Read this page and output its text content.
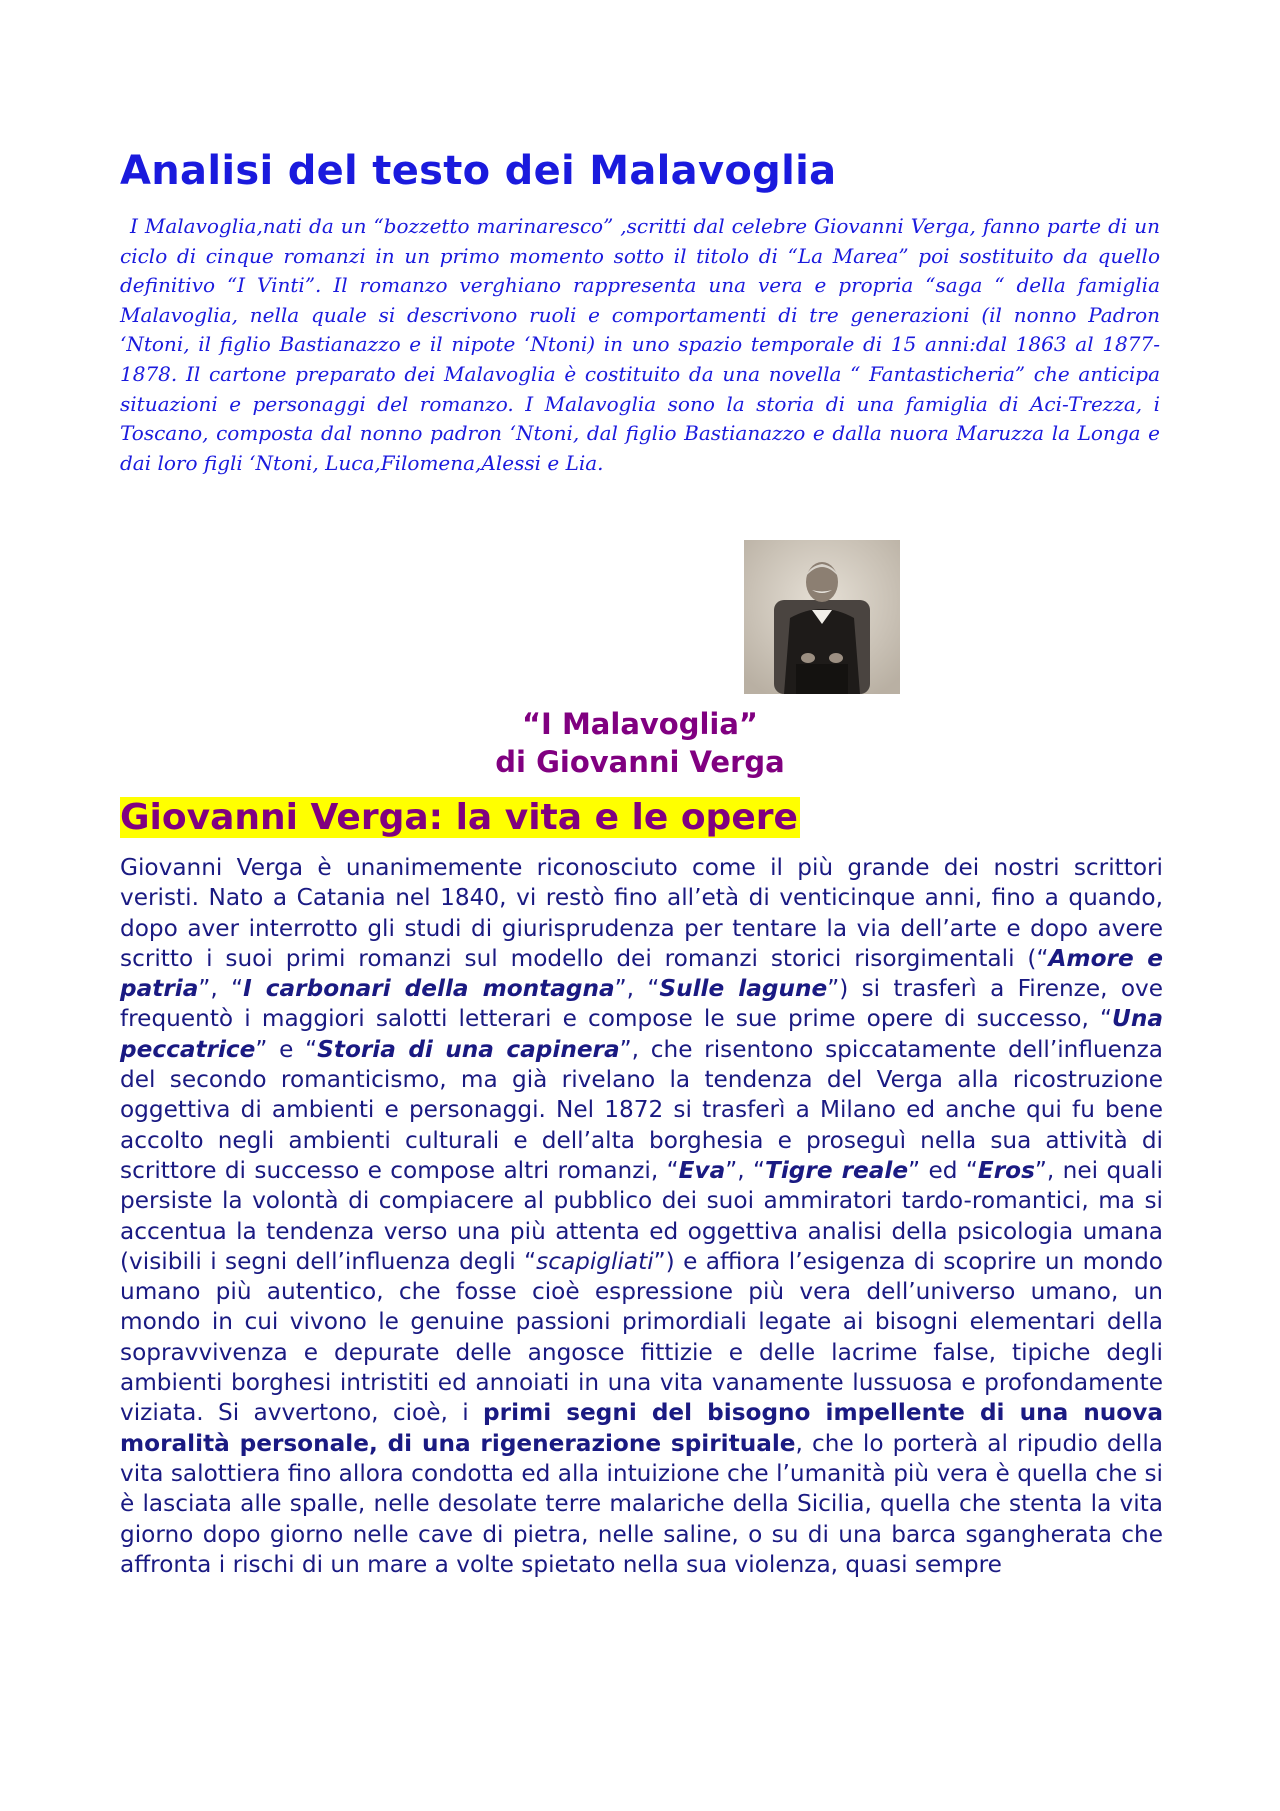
Analisi del testo dei Malavoglia

I Malavoglia,nati da un “bozzetto marinaresco” ,scritti dal celebre Giovanni Verga, fanno parte di un ciclo di cinque romanzi in un primo momento sotto il titolo di “La Marea” poi sostituito da quello definitivo “I Vinti”. Il romanzo verghiano rappresenta una vera e propria “saga “ della famiglia Malavoglia, nella quale si descrivono ruoli e comportamenti di tre generazioni (il nonno Padron ‘Ntoni, il figlio Bastianazzo e il nipote ‘Ntoni) in uno spazio temporale di 15 anni:dal 1863 al 1877-1878. Il cartone preparato dei Malavoglia è costituito da una novella “ Fantasticheria” che anticipa situazioni e personaggi del romanzo. I Malavoglia sono la storia di una famiglia di Aci-Trezza, i Toscano, composta dal nonno padron ‘Ntoni, dal figlio Bastianazzo e dalla nuora Maruzza la Longa e dai loro figli ‘Ntoni, Luca,Filomena,Alessi e Lia.

“I Malavoglia”
di Giovanni Verga
Giovanni Verga: la vita e le opere

Giovanni Verga è unanimemente riconosciuto come il più grande dei nostri scrittori veristi. Nato a Catania nel 1840, vi restò fino all’età di venticinque anni, fino a quando, dopo aver interrotto gli studi di giurisprudenza per tentare la via dell’arte e dopo avere scritto i suoi primi romanzi sul modello dei romanzi storici risorgimentali (“Amore e patria”, “I carbonari della montagna”, “Sulle lagune”) si trasferì a Firenze, ove frequentò i maggiori salotti letterari e compose le sue prime opere di successo, “Una peccatrice” e “Storia di una capinera”, che risentono spiccatamente dell’influenza del secondo romanticismo, ma già rivelano la tendenza del Verga alla ricostruzione oggettiva di ambienti e personaggi. Nel 1872 si trasferì a Milano ed anche qui fu bene accolto negli ambienti culturali e dell’alta borghesia e proseguì nella sua attività di scrittore di successo e compose altri romanzi, “Eva”, “Tigre reale” ed “Eros”, nei quali persiste la volontà di compiacere al pubblico dei suoi ammiratori tardo-romantici, ma si accentua la tendenza verso una più attenta ed oggettiva analisi della psicologia umana (visibili i segni dell’influenza degli “scapigliati”) e affiora l’esigenza di scoprire un mondo umano più autentico, che fosse cioè espressione più vera dell’universo umano, un mondo in cui vivono le genuine passioni primordiali legate ai bisogni elementari della sopravvivenza e depurate delle angosce fittizie e delle lacrime false, tipiche degli ambienti borghesi intristiti ed annoiati in una vita vanamente lussuosa e profondamente viziata. Si avvertono, cioè, i primi segni del bisogno impellente di una nuova moralità personale, di una rigenerazione spirituale, che lo porterà al ripudio della vita salottiera fino allora condotta ed alla intuizione che l’umanità più vera è quella che si è lasciata alle spalle, nelle desolate terre malariche della Sicilia, quella che stenta la vita giorno dopo giorno nelle cave di pietra, nelle saline, o su di una barca sgangherata che affronta i rischi di un mare a volte spietato nella sua violenza, quasi sempre
